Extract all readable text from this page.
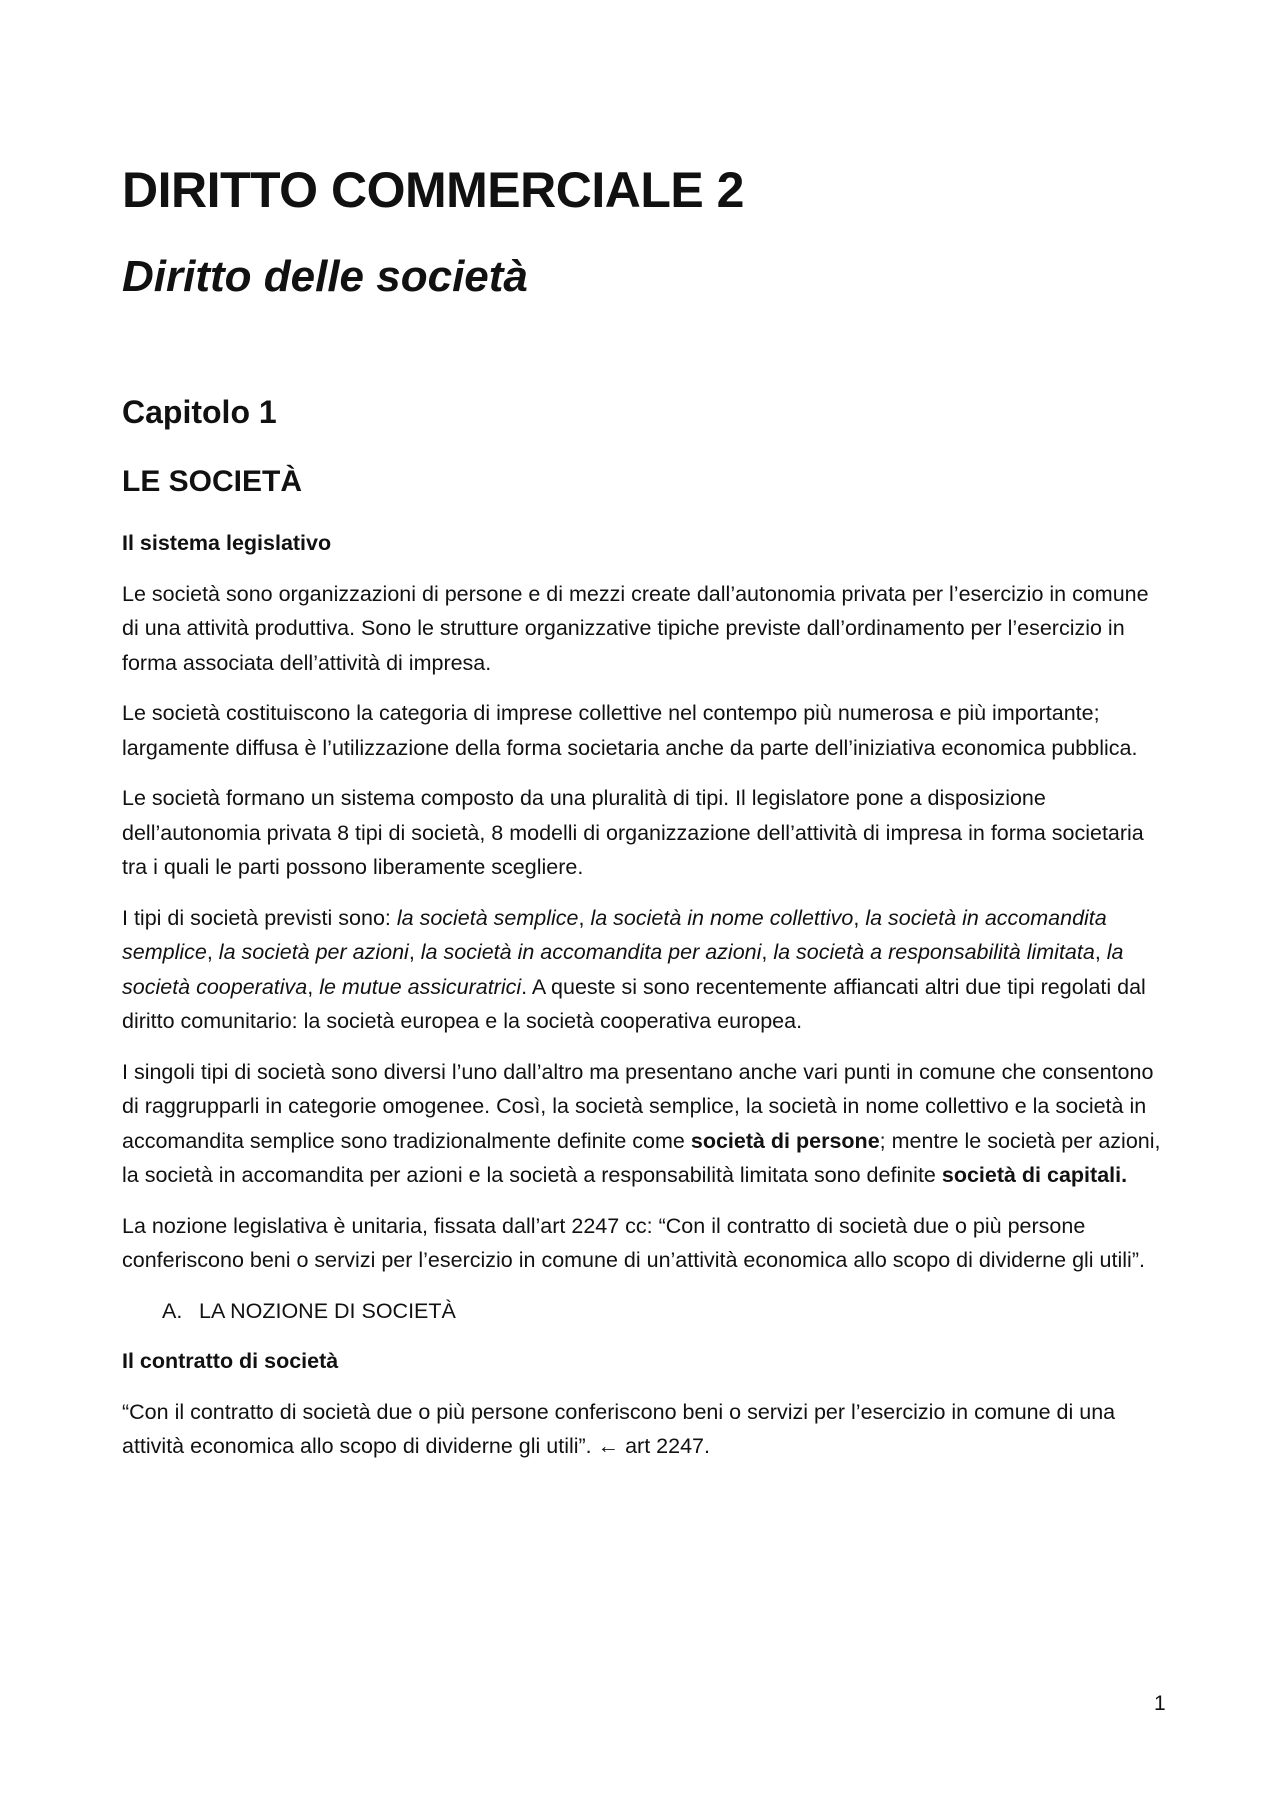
DIRITTO COMMERCIALE 2
Diritto delle società
Capitolo 1
LE SOCIETÀ

Il sistema legislativo

Le società sono organizzazioni di persone e di mezzi create dall’autonomia privata per l’esercizio in comune di una attività produttiva. Sono le strutture organizzative tipiche previste dall’ordinamento per l’esercizio in forma associata dell’attività di impresa.

Le società costituiscono la categoria di imprese collettive nel contempo più numerosa e più importante; largamente diffusa è l’utilizzazione della forma societaria anche da parte dell’iniziativa economica pubblica.

Le società formano un sistema composto da una pluralità di tipi. Il legislatore pone a disposizione dell’autonomia privata 8 tipi di società, 8 modelli di organizzazione dell’attività di impresa in forma societaria tra i quali le parti possono liberamente scegliere.

I tipi di società previsti sono: la società semplice, la società in nome collettivo, la società in accomandita semplice, la società per azioni, la società in accomandita per azioni, la società a responsabilità limitata, la società cooperativa, le mutue assicuratrici. A queste si sono recentemente affiancati altri due tipi regolati dal diritto comunitario: la società europea e la società cooperativa europea.

I singoli tipi di società sono diversi l’uno dall’altro ma presentano anche vari punti in comune che consentono di raggrupparli in categorie omogenee. Così, la società semplice, la società in nome collettivo e la società in accomandita semplice sono tradizionalmente definite come società di persone; mentre le società per azioni, la società in accomandita per azioni e la società a responsabilità limitata sono definite società di capitali.

La nozione legislativa è unitaria, fissata dall’art 2247 cc: “Con il contratto di società due o più persone conferiscono beni o servizi per l’esercizio in comune di un’attività economica allo scopo di dividerne gli utili”.

A. LA NOZIONE DI SOCIETÀ

Il contratto di società

“Con il contratto di società due o più persone conferiscono beni o servizi per l’esercizio in comune di una attività economica allo scopo di dividerne gli utili”. ← art 2247.

1
